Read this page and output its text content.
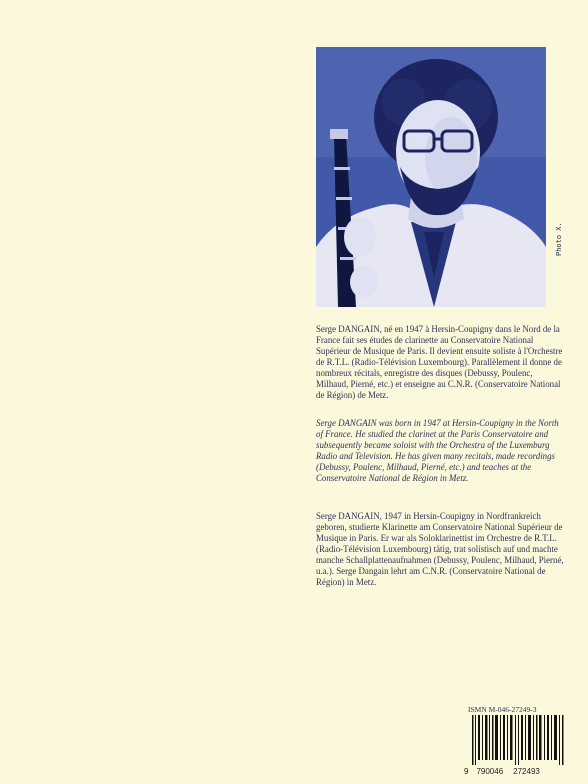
Photo X.

Serge DANGAIN, né en 1947 à Hersin-Coupigny dans le Nord de la France fait ses études de clarinette au Conservatoire National Supérieur de Musique de Paris. Il devient ensuite soliste à l'Orchestre de R.T.L. (Radio-Télévision Luxembourg). Parallèlement il donne de nombreux récitals, enregistre des disques (Debussy, Poulenc, Milhaud, Pierné, etc.) et enseigne au C.N.R. (Conservatoire National de Région) de Metz.

Serge DANGAIN was born in 1947 at Hersin-Coupigny in the North of France. He studied the clarinet at the Paris Conservatoire and subsequently became soloist with the Orchestra of the Luxemburg Radio and Television. He has given many recitals, made recordings (Debussy, Poulenc, Milhaud, Pierné, etc.) and teaches at the Conservatoire National de Région in Metz.

Serge DANGAIN, 1947 in Hersin-Coupigny in Nordfrankreich geboren, studierte Klarinette am Conservatoire National Supérieur de Musique in Paris. Er war als Soloklarinettist im Orchestre de R.T.L. (Radio-Télévision Luxembourg) tätig, trat solistisch auf und machte manche Schallplattenaufnahmen (Debussy, Poulenc, Milhaud, Pierné, u.a.). Serge Dangain lehrt am C.N.R. (Conservatoire National de Région) in Metz.

ISMN M-046-27249-3
9 790046 272493
